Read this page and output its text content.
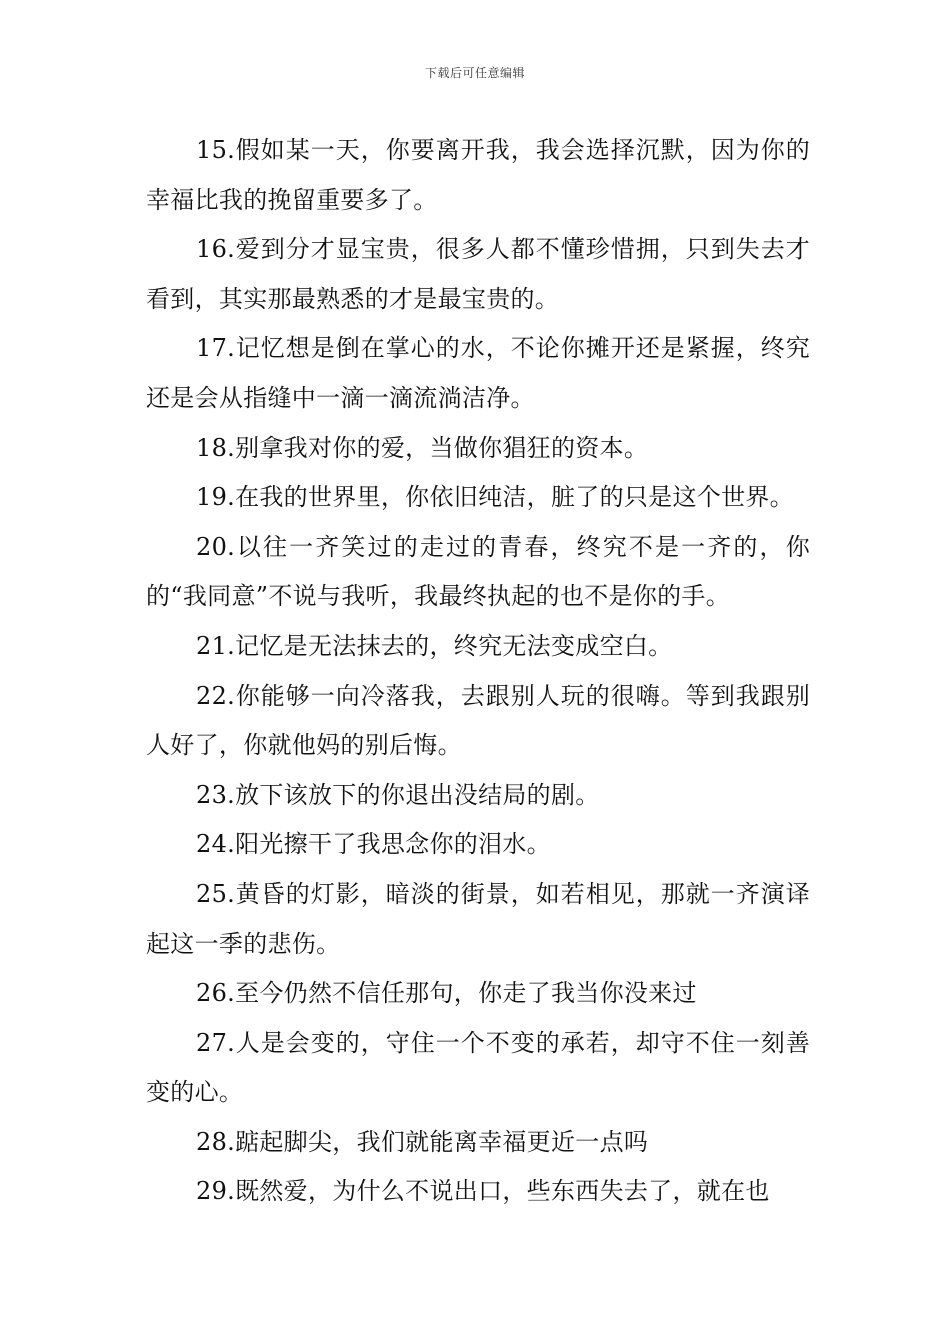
下载后可任意编辑

15.假如某一天，你要离开我，我会选择沉默，因为你的幸福比我的挽留重要多了。

16.爱到分才显宝贵，很多人都不懂珍惜拥，只到失去才看到，其实那最熟悉的才是最宝贵的。

17.记忆想是倒在掌心的水，不论你摊开还是紧握，终究还是会从指缝中一滴一滴流淌洁净。

18.别拿我对你的爱，当做你猖狂的资本。

19.在我的世界里，你依旧纯洁，脏了的只是这个世界。

20.以往一齐笑过的走过的青春，终究不是一齐的，你的“我同意”不说与我听，我最终执起的也不是你的手。

21.记忆是无法抹去的，终究无法变成空白。

22.你能够一向冷落我，去跟别人玩的很嗨。等到我跟别人好了，你就他妈的别后悔。

23.放下该放下的你退出没结局的剧。

24.阳光擦干了我思念你的泪水。

25.黄昏的灯影，暗淡的街景，如若相见，那就一齐演译起这一季的悲伤。

26.至今仍然不信任那句，你走了我当你没来过

27.人是会变的，守住一个不变的承若，却守不住一刻善变的心。

28.踮起脚尖，我们就能离幸福更近一点吗

29.既然爱，为什么不说出口，些东西失去了，就在也
